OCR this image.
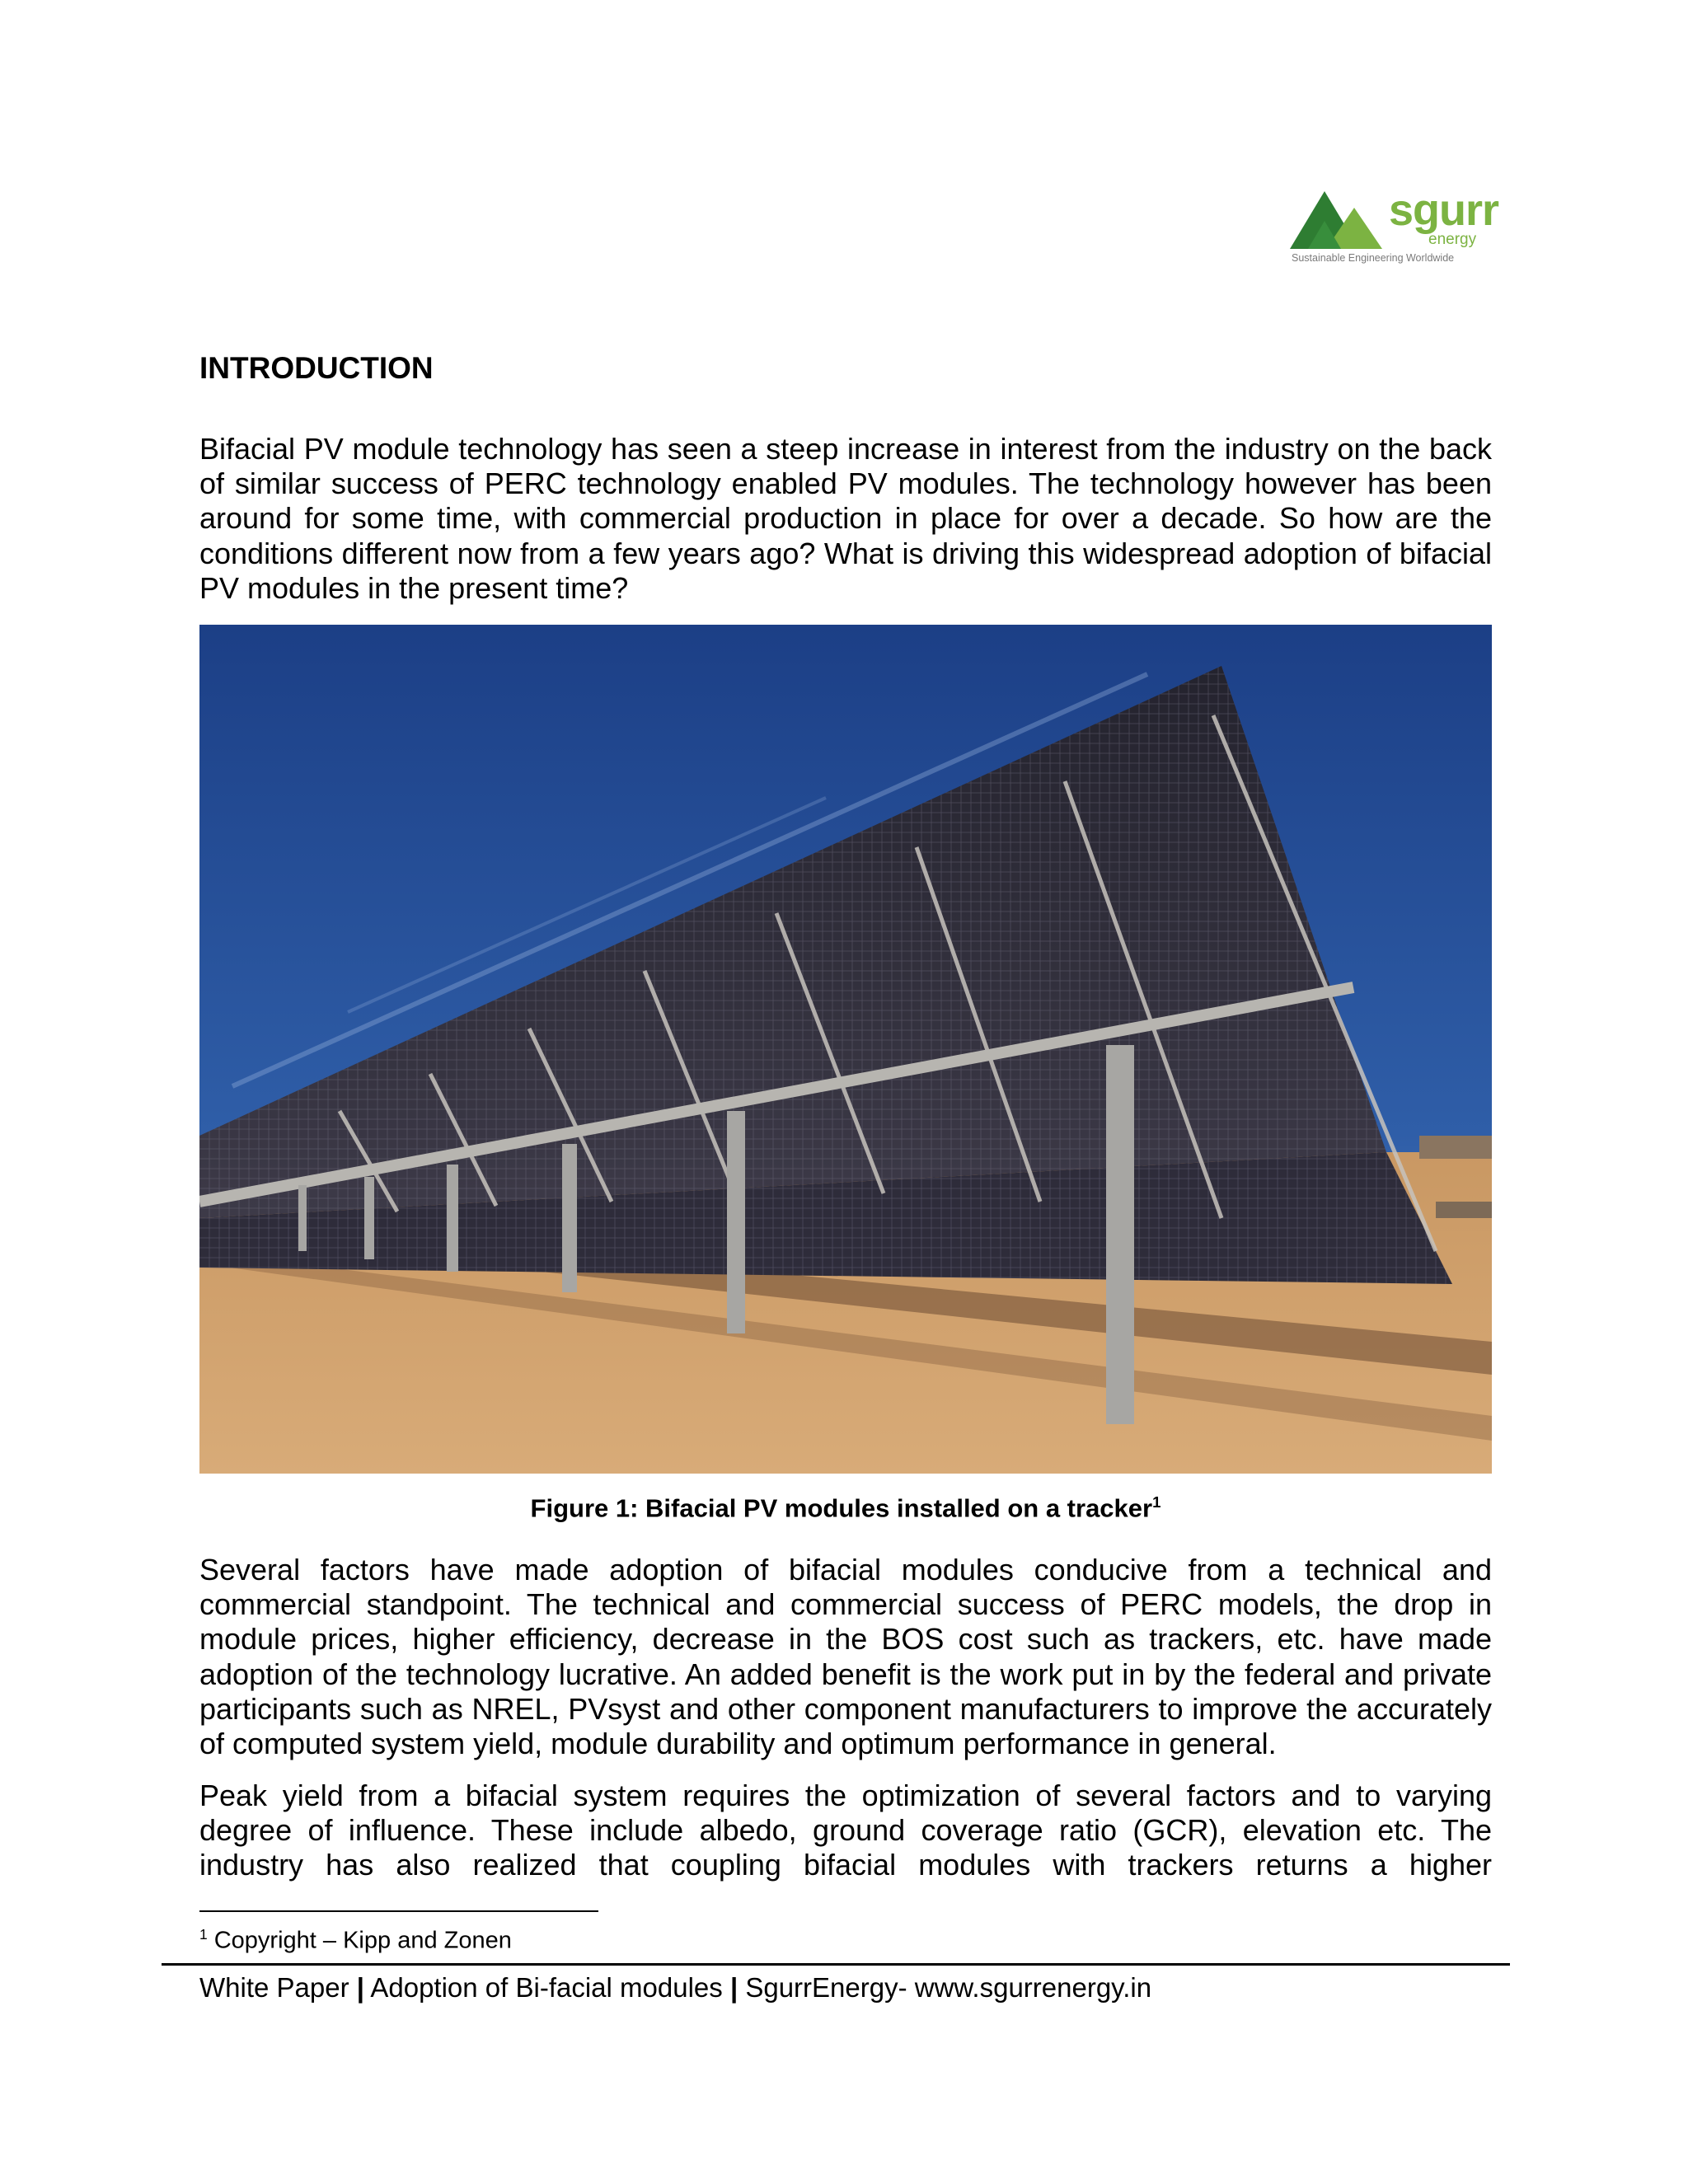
sgurr
energy
Sustainable Engineering Worldwide
INTRODUCTION

Bifacial PV module technology has seen a steep increase in interest from the industry on the back of similar success of PERC technology enabled PV modules. The technology however has been around for some time, with commercial production in place for over a decade. So how are the conditions different now from a few years ago? What is driving this widespread adoption of bifacial PV modules in the present time?

Figure 1: Bifacial PV modules installed on a tracker$^1$

Several factors have made adoption of bifacial modules conducive from a technical and commercial standpoint. The technical and commercial success of PERC models, the drop in module prices, higher efficiency, decrease in the BOS cost such as trackers, etc. have made adoption of the technology lucrative. An added benefit is the work put in by the federal and private participants such as NREL, PVsyst and other component manufacturers to improve the accurately of computed system yield, module durability and optimum performance in general.

Peak yield from a bifacial system requires the optimization of several factors and to varying degree of influence. These include albedo, ground coverage ratio (GCR), elevation etc. The industry has also realized that coupling bifacial modules with trackers returns a higher

$^1$ Copyright – Kipp and Zonen
White Paper | Adoption of Bi-facial modules | SgurrEnergy- www.sgurrenergy.in
